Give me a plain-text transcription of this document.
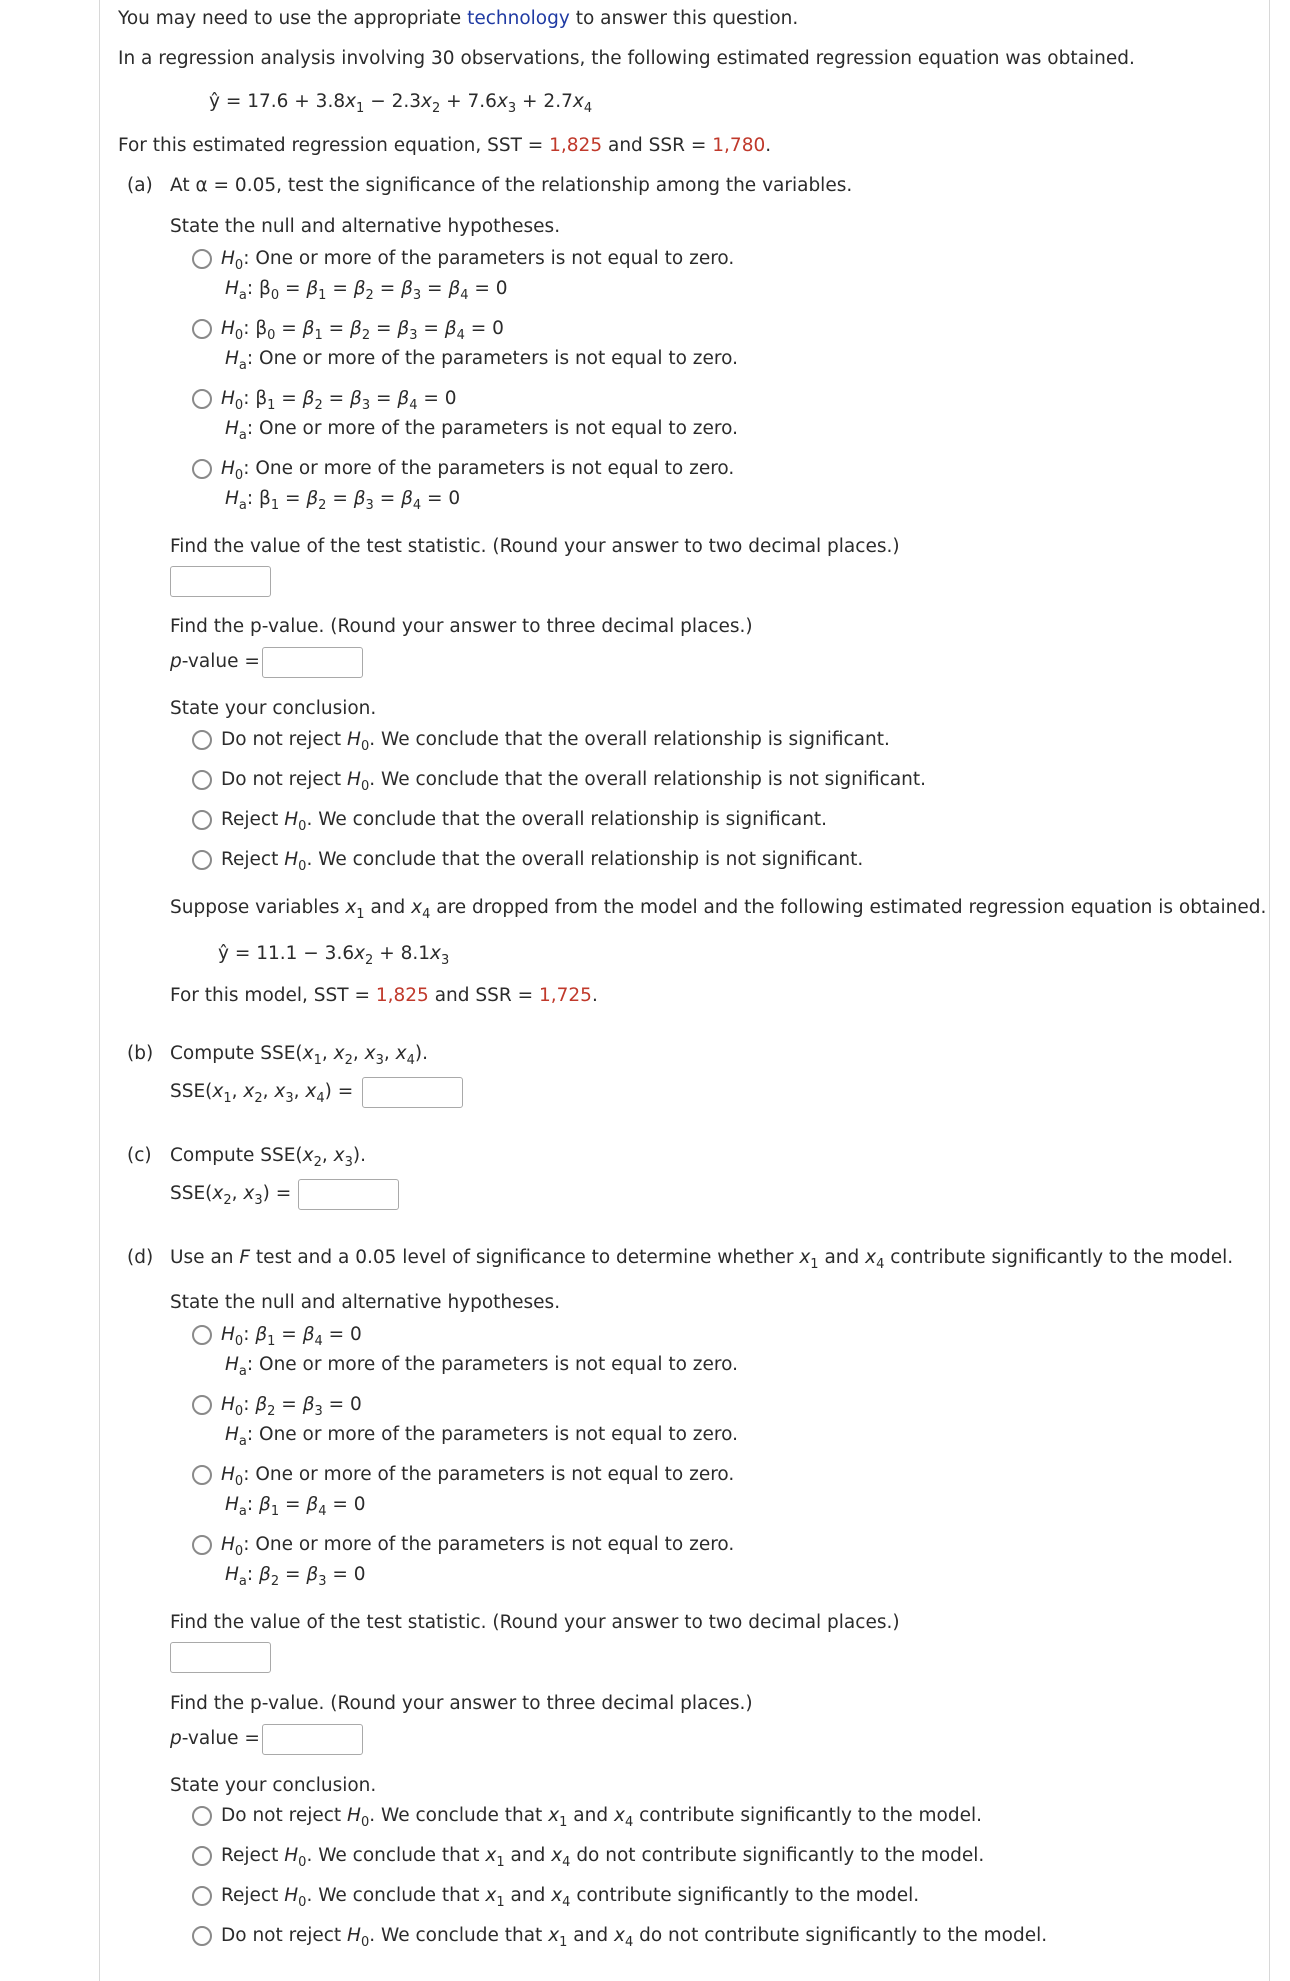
You may need to use the appropriate technology to answer this question.
In a regression analysis involving 30 observations, the following estimated regression equation was obtained.
ŷ = $17.6 + 3.8x_1 - 2.3x_2 + 7.6x_3 + 2.7x_4$
For this estimated regression equation, SST = 1,825 and SSR = 1,780.
(a) At α = 0.05, test the significance of the relationship among the variables.
State the null and alternative hypotheses.
$H_0$: One or more of the parameters is not equal to zero.
$H_a$: $\beta_0 = \beta_1 = \beta_2 = \beta_3 = \beta_4 = 0$
$H_0$: $\beta_0 = \beta_1 = \beta_2 = \beta_3 = \beta_4 = 0$
$H_a$: One or more of the parameters is not equal to zero.
$H_0$: $\beta_1 = \beta_2 = \beta_3 = \beta_4 = 0$
$H_a$: One or more of the parameters is not equal to zero.
$H_0$: One or more of the parameters is not equal to zero.
$H_a$: $\beta_1 = \beta_2 = \beta_3 = \beta_4 = 0$
Find the value of the test statistic. (Round your answer to two decimal places.)
Find the p-value. (Round your answer to three decimal places.)
p-value =
State your conclusion.
Do not reject $H_0$. We conclude that the overall relationship is significant.
Do not reject $H_0$. We conclude that the overall relationship is not significant.
Reject $H_0$. We conclude that the overall relationship is significant.
Reject $H_0$. We conclude that the overall relationship is not significant.
Suppose variables $x_1$ and $x_4$ are dropped from the model and the following estimated regression equation is obtained.
ŷ = $11.1 - 3.6x_2 + 8.1x_3$
For this model, SST = 1,825 and SSR = 1,725.
(b) Compute $SSE(x_1$, $x_2$, $x_3$, $x_4$).
$SSE(x_1$, $x_2$, $x_3$, $x_4$) =
(c) Compute $SSE(x_2$, $x_3$).
$SSE(x_2$, $x_3$) =
(d) Use an F test and a 0.05 level of significance to determine whether $x_1$ and $x_4$ contribute significantly to the model.
State the null and alternative hypotheses.
$H_0$: $\beta_1 = \beta_4 = 0$
$H_a$: One or more of the parameters is not equal to zero.
$H_0$: $\beta_2 = \beta_3 = 0$
$H_a$: One or more of the parameters is not equal to zero.
$H_0$: One or more of the parameters is not equal to zero.
$H_a$: $\beta_1 = \beta_4 = 0$
$H_0$: One or more of the parameters is not equal to zero.
$H_a$: $\beta_2 = \beta_3 = 0$
Find the value of the test statistic. (Round your answer to two decimal places.)
Find the p-value. (Round your answer to three decimal places.)
p-value =
State your conclusion.
Do not reject $H_0$. We conclude that $x_1$ and $x_4$ contribute significantly to the model.
Reject $H_0$. We conclude that $x_1$ and $x_4$ do not contribute significantly to the model.
Reject $H_0$. We conclude that $x_1$ and $x_4$ contribute significantly to the model.
Do not reject $H_0$. We conclude that $x_1$ and $x_4$ do not contribute significantly to the model.
